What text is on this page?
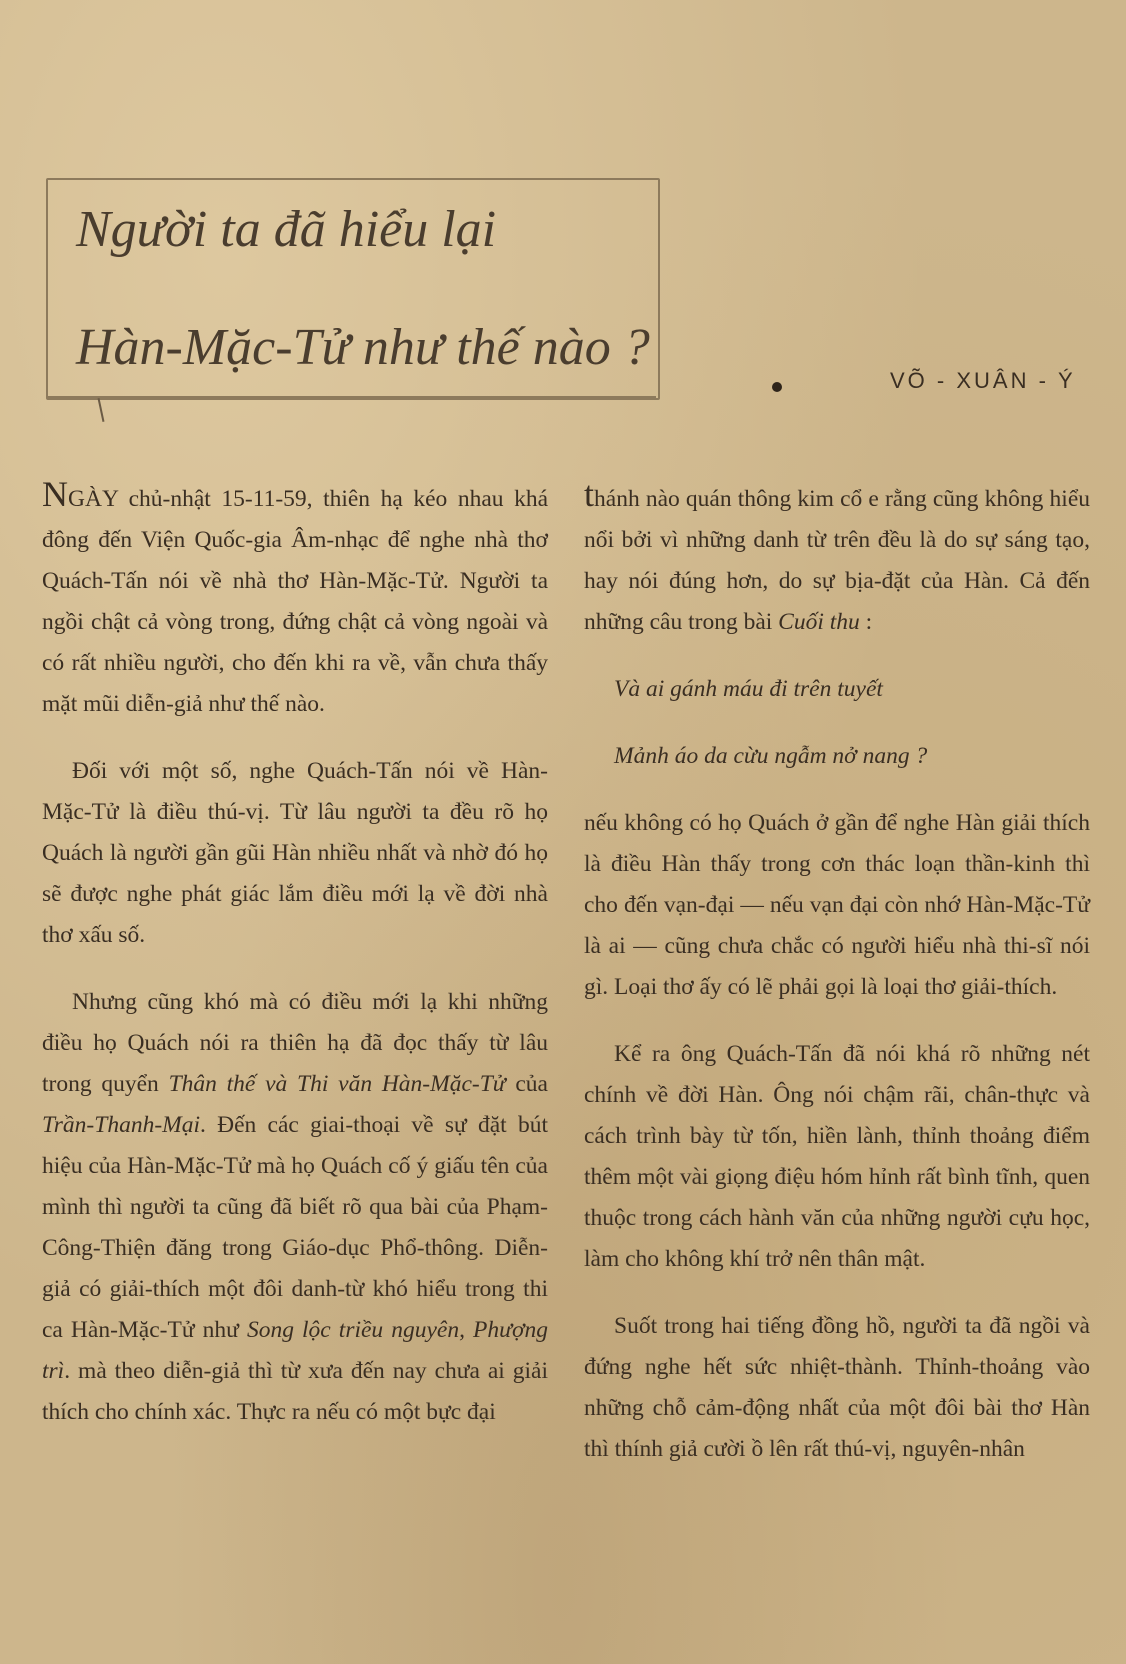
Người ta đã hiểu lại
Hàn-Mặc-Tử như thế nào ?
VÕ - XUÂN - Ý

NGÀY chủ-nhật 15-11-59, thiên hạ kéo nhau khá đông đến Viện Quốc-gia Âm-nhạc để nghe nhà thơ Quách-Tấn nói về nhà thơ Hàn-Mặc-Tử. Người ta ngồi chật cả vòng trong, đứng chật cả vòng ngoài và có rất nhiều người, cho đến khi ra về, vẫn chưa thấy mặt mũi diễn-giả như thế nào.

Đối với một số, nghe Quách-Tấn nói về Hàn-Mặc-Tử là điều thú-vị. Từ lâu người ta đều rõ họ Quách là người gần gũi Hàn nhiều nhất và nhờ đó họ sẽ được nghe phát giác lắm điều mới lạ về đời nhà thơ xấu số.

Nhưng cũng khó mà có điều mới lạ khi những điều họ Quách nói ra thiên hạ đã đọc thấy từ lâu trong quyển Thân thế và Thi văn Hàn-Mặc-Tử của Trần-Thanh-Mại. Đến các giai-thoại về sự đặt bút hiệu của Hàn-Mặc-Tử mà họ Quách cố ý giấu tên của mình thì người ta cũng đã biết rõ qua bài của Phạm-Công-Thiện đăng trong Giáo-dục Phổ-thông. Diễn-giả có giải-thích một đôi danh-từ khó hiểu trong thi ca Hàn-Mặc-Tử như Song lộc triều nguyên, Phượng trì. mà theo diễn-giả thì từ xưa đến nay chưa ai giải thích cho chính xác. Thực ra nếu có một bực đại

thánh nào quán thông kim cổ e rằng cũng không hiểu nổi bởi vì những danh từ trên đều là do sự sáng tạo, hay nói đúng hơn, do sự bịa-đặt của Hàn. Cả đến những câu trong bài Cuối thu :

Và ai gánh máu đi trên tuyết

Mảnh áo da cừu ngẫm nở nang ?

nếu không có họ Quách ở gần để nghe Hàn giải thích là điều Hàn thấy trong cơn thác loạn thần-kinh thì cho đến vạn-đại — nếu vạn đại còn nhớ Hàn-Mặc-Tử là ai — cũng chưa chắc có người hiểu nhà thi-sĩ nói gì. Loại thơ ấy có lẽ phải gọi là loại thơ giải-thích.

Kể ra ông Quách-Tấn đã nói khá rõ những nét chính về đời Hàn. Ông nói chậm rãi, chân-thực và cách trình bày từ tốn, hiền lành, thỉnh thoảng điểm thêm một vài giọng điệu hóm hỉnh rất bình tĩnh, quen thuộc trong cách hành văn của những người cựu học, làm cho không khí trở nên thân mật.

Suốt trong hai tiếng đồng hồ, người ta đã ngồi và đứng nghe hết sức nhiệt-thành. Thỉnh-thoảng vào những chỗ cảm-động nhất của một đôi bài thơ Hàn thì thính giả cười ồ lên rất thú-vị, nguyên-nhân
